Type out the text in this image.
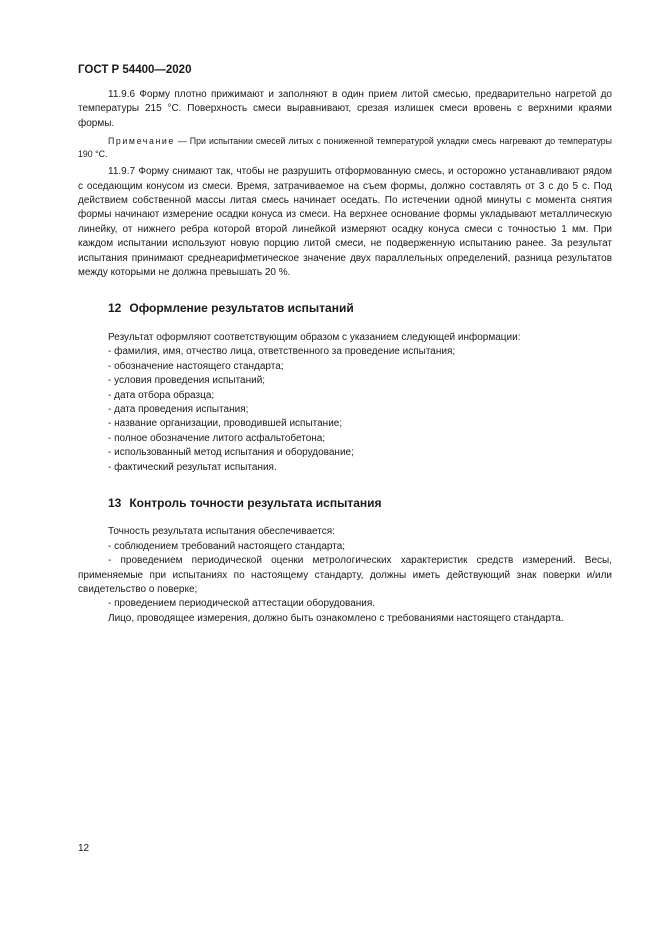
ГОСТ Р 54400—2020

11.9.6 Форму плотно прижимают и заполняют в один прием литой смесью, предварительно нагретой до температуры 215 °С. Поверхность смеси выравнивают, срезая излишек смеси вровень с верхними краями формы.

Примечание — При испытании смесей литых с пониженной температурой укладки смесь нагревают до температуры 190 °С.

11.9.7 Форму снимают так, чтобы не разрушить отформованную смесь, и осторожно устанавливают рядом с оседающим конусом из смеси. Время, затрачиваемое на съем формы, должно составлять от 3 с до 5 с. Под действием собственной массы литая смесь начинает оседать. По истечении одной минуты с момента снятия формы начинают измерение осадки конуса из смеси. На верхнее основание формы укладывают металлическую линейку, от нижнего ребра которой второй линейкой измеряют осадку конуса смеси с точностью 1 мм. При каждом испытании используют новую порцию литой смеси, не подверженную испытанию ранее. За результат испытания принимают среднеарифметическое значение двух параллельных определений, разница результатов между которыми не должна превышать 20 %.

12 Оформление результатов испытаний

Результат оформляют соответствующим образом с указанием следующей информации:

- фамилия, имя, отчество лица, ответственного за проведение испытания;

- обозначение настоящего стандарта;

- условия проведения испытаний;

- дата отбора образца;

- дата проведения испытания;

- название организации, проводившей испытание;

- полное обозначение литого асфальтобетона;

- использованный метод испытания и оборудование;

- фактический результат испытания.

13 Контроль точности результата испытания

Точность результата испытания обеспечивается:

- соблюдением требований настоящего стандарта;

- проведением периодической оценки метрологических характеристик средств измерений. Весы, применяемые при испытаниях по настоящему стандарту, должны иметь действующий знак поверки и/или свидетельство о поверке;

- проведением периодической аттестации оборудования.

Лицо, проводящее измерения, должно быть ознакомлено с требованиями настоящего стандарта.

12
